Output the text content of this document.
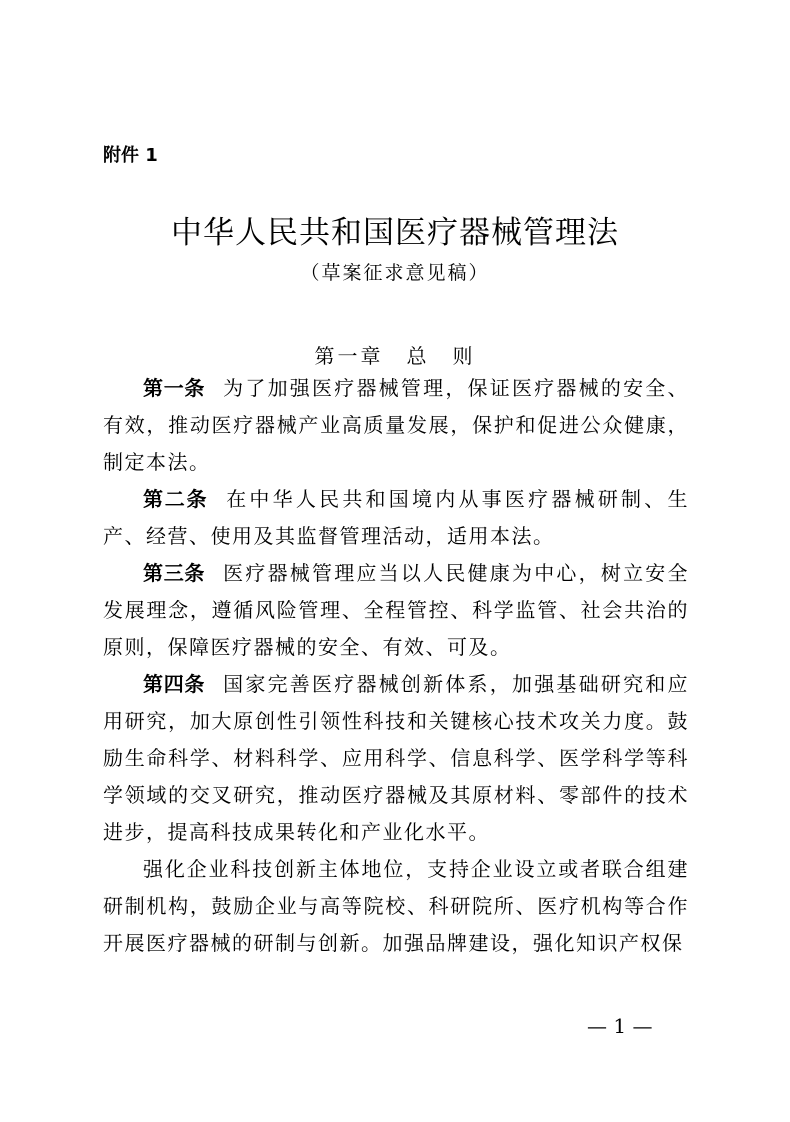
附件 1
中华人民共和国医疗器械管理法
（草案征求意见稿）
第一章　总　则

第一条 为了加强医疗器械管理，保证医疗器械的安全、有效，推动医疗器械产业高质量发展，保护和促进公众健康，制定本法。

第二条 在中华人民共和国境内从事医疗器械研制、生产、经营、使用及其监督管理活动，适用本法。

第三条 医疗器械管理应当以人民健康为中心，树立安全发展理念，遵循风险管理、全程管控、科学监管、社会共治的原则，保障医疗器械的安全、有效、可及。

第四条 国家完善医疗器械创新体系，加强基础研究和应用研究，加大原创性引领性科技和关键核心技术攻关力度。鼓励生命科学、材料科学、应用科学、信息科学、医学科学等科学领域的交叉研究，推动医疗器械及其原材料、零部件的技术进步，提高科技成果转化和产业化水平。

强化企业科技创新主体地位，支持企业设立或者联合组建研制机构，鼓励企业与高等院校、科研院所、医疗机构等合作开展医疗器械的研制与创新。加强品牌建设，强化知识产权保

— 1 —
